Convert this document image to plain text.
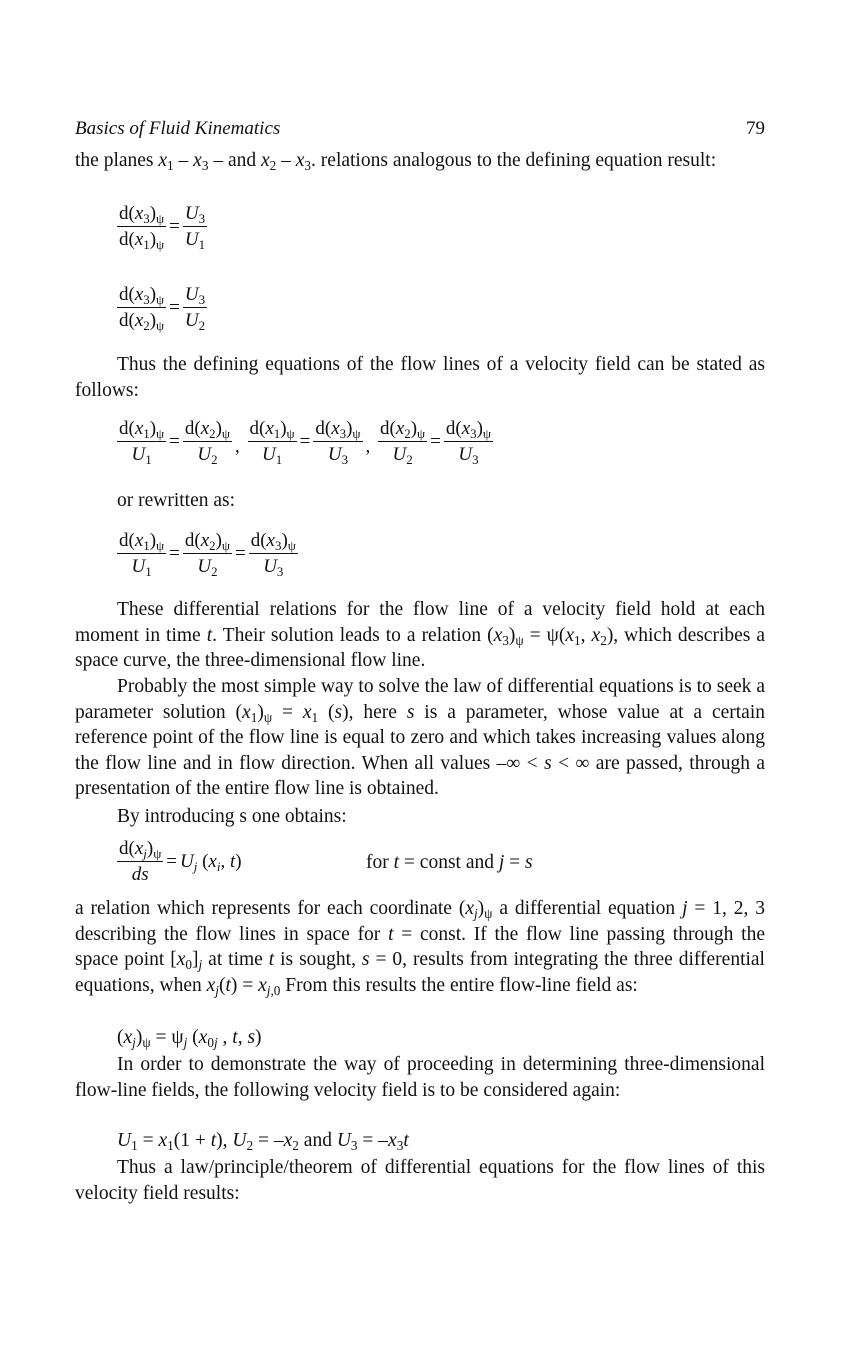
Basics of Fluid Kinematics	79

the planes $x_1 - x_3$ – and $x_2 - x_3$. relations analogous to the defining equation result:

$\frac{d(x_3)_\psi}{d(x_1)_\psi} = \frac{U_3}{U_1}$
$\frac{d(x_3)_\psi}{d(x_2)_\psi} = \frac{U_3}{U_2}$

Thus the defining equations of the flow lines of a velocity field can be stated as follows:

$\frac{d(x_1)_\psi}{U_1} = \frac{d(x_2)_\psi}{U_2}$ , $\frac{d(x_1)_\psi}{U_1} = \frac{d(x_3)_\psi}{U_3}$ , $\frac{d(x_2)_\psi}{U_2} = \frac{d(x_3)_\psi}{U_3}$

or rewritten as:

$\frac{d(x_1)_\psi}{U_1} = \frac{d(x_2)_\psi}{U_2} = \frac{d(x_3)_\psi}{U_3}$

These differential relations for the flow line of a velocity field hold at each moment in time t. Their solution leads to a relation $(x_3)_\psi = \psi(x_1$, $x_2$), which describes a space curve, the three-dimensional flow line.

Probably the most simple way to solve the law of differential equations is to seek a parameter solution $(x_1)_\psi = x_1$ (s), here s is a parameter, whose value at a certain reference point of the flow line is equal to zero and which takes increasing values along the flow line and in flow direction. When all values –∞ < s < ∞ are passed, through a presentation of the entire flow line is obtained.

By introducing s one obtains:

$\frac{d(x_j)_\psi}{ds} = U_j$ ($x_i$, t)	for t = const and j = s

a relation which represents for each coordinate $(x_j)_\psi$ a differential equation j = 1, 2, 3 describing the flow lines in space for t = const. If the flow line passing through the space point $[x_0]_j$ at time t is sought, s = 0, results from integrating the three differential equations, when $x_j(t) = x_{j,0}$ From this results the entire flow-line field as:

$(x_j)_\psi = \psi_j$ ($x_{0j}$ , t, s)

In order to demonstrate the way of proceeding in determining three-dimensional flow-line fields, the following velocity field is to be considered again:

$U_1 = x_1(1 + t)$, $U_2 = -x_2$ and $U_3 = -x_3t$

Thus a law/principle/theorem of differential equations for the flow lines of this velocity field results:
